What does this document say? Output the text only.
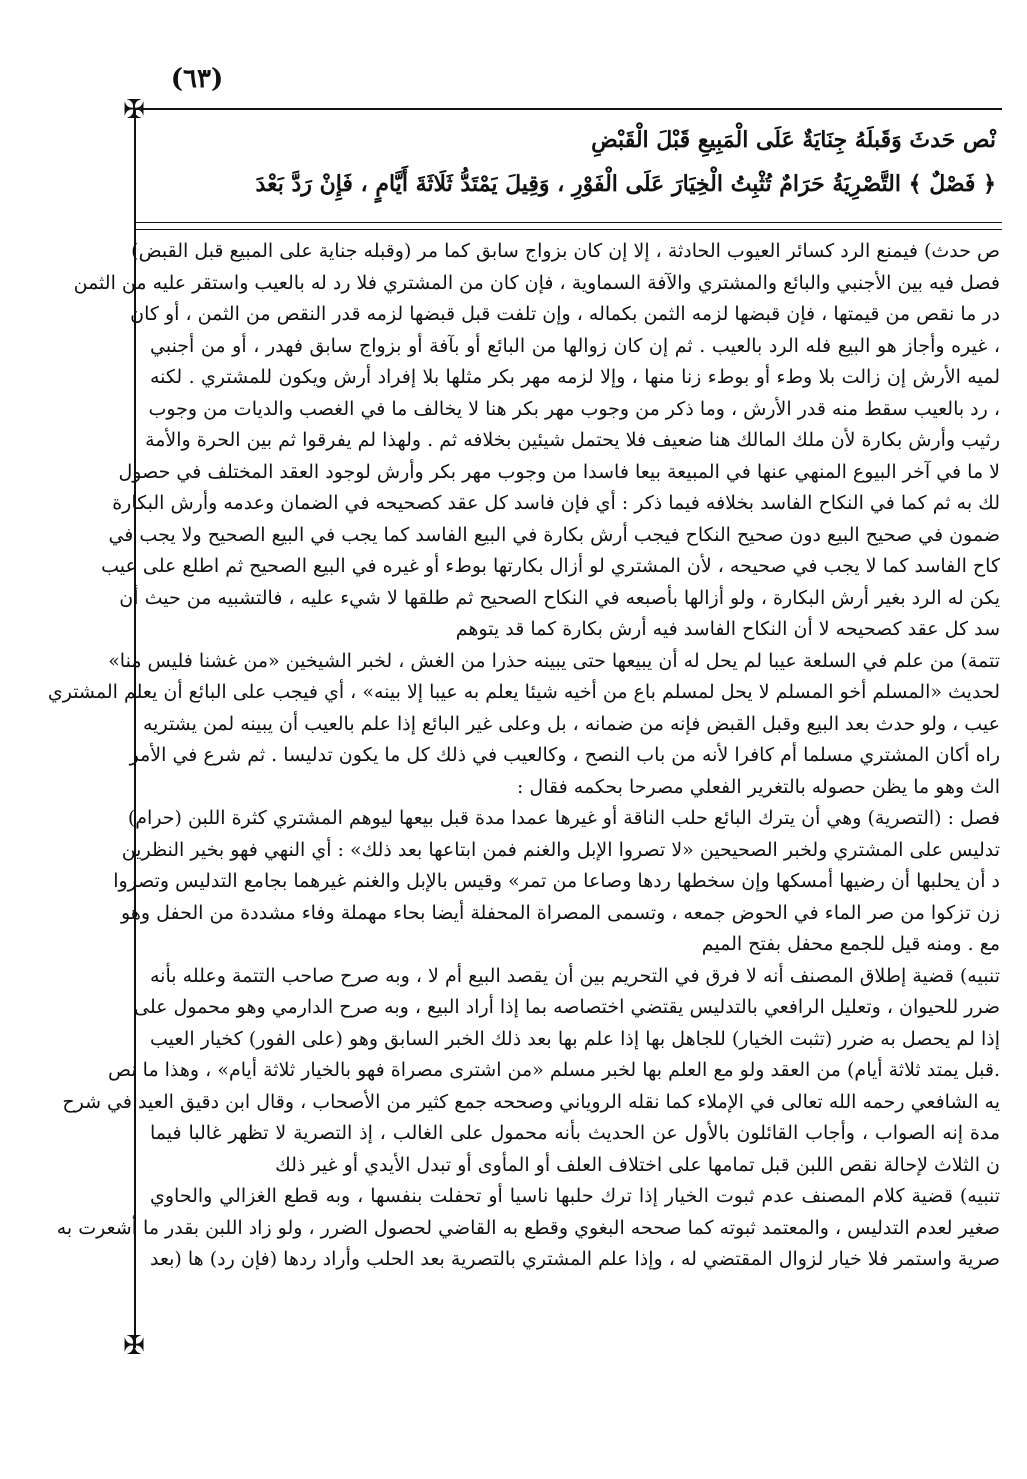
(٦٣)
✠
نْص حَدثَ وَقَبلَهُ جِنَايَةٌ عَلَى الْمَبِيعِ قَبْلَ الْقَبْضِ
﴿ فَصْلٌ ﴾ التَّصْرِيَةُ حَرَامٌ تُثْبِتُ الْخِيَارَ عَلَى الْفَوْرِ ، وَقِيلَ يَمْتَدُّ ثَلَاثَةَ أَيَّامٍ ، فَإِنْ رَدَّ بَعْدَ
ص حدث) فيمنع الرد كسائر العيوب الحادثة ، إلا إن كان بزواج سابق كما مر (وقبله جناية على المبيع قبل القبض)
فصل فيه بين الأجنبي والبائع والمشتري والآفة السماوية ، فإن كان من المشتري فلا رد له بالعيب واستقر عليه من الثمن
در ما نقص من قيمتها ، فإن قبضها لزمه الثمن بكماله ، وإن تلفت قبل قبضها لزمه قدر النقص من الثمن ، أو كان
، غيره وأجاز هو البيع فله الرد بالعيب . ثم إن كان زوالها من البائع أو بآفة أو بزواج سابق فهدر ، أو من أجنبي
لميه الأرش إن زالت بلا وطء أو بوطء زنا منها ، وإلا لزمه مهر بكر مثلها بلا إفراد أرش ويكون للمشتري . لكنه
، رد بالعيب سقط منه قدر الأرش ، وما ذكر من وجوب مهر بكر هنا لا يخالف ما في الغصب والديات من وجوب
رثيب وأرش بكارة لأن ملك المالك هنا ضعيف فلا يحتمل شيئين بخلافه ثم . ولهذا لم يفرقوا ثم بين الحرة والأمة
لا ما في آخر البيوع المنهي عنها في المبيعة بيعا فاسدا من وجوب مهر بكر وأرش لوجود العقد المختلف في حصول
لك به ثم كما في النكاح الفاسد بخلافه فيما ذكر : أي فإن فاسد كل عقد كصحيحه في الضمان وعدمه وأرش البكارة
ضمون في صحيح البيع دون صحيح النكاح فيجب أرش بكارة في البيع الفاسد كما يجب في البيع الصحيح ولا يجب في
كاح الفاسد كما لا يجب في صحيحه ، لأن المشتري لو أزال بكارتها بوطء أو غيره في البيع الصحيح ثم اطلع على عيب
يكن له الرد بغير أرش البكارة ، ولو أزالها بأصبعه في النكاح الصحيح ثم طلقها لا شيء عليه ، فالتشبيه من حيث أن
سد كل عقد كصحيحه لا أن النكاح الفاسد فيه أرش بكارة كما قد يتوهم
تتمة) من علم في السلعة عيبا لم يحل له أن يبيعها حتى يبينه حذرا من الغش ، لخبر الشيخين «من غشنا فليس منا»
لحديث «المسلم أخو المسلم لا يحل لمسلم باع من أخيه شيئا يعلم به عيبا إلا بينه» ، أي فيجب على البائع أن يعلم المشتري
عيب ، ولو حدث بعد البيع وقبل القبض فإنه من ضمانه ، بل وعلى غير البائع إذا علم بالعيب أن يبينه لمن يشتريه
راه أكان المشتري مسلما أم كافرا لأنه من باب النصح ، وكالعيب في ذلك كل ما يكون تدليسا . ثم شرع في الأمر
الث وهو ما يظن حصوله بالتغرير الفعلي مصرحا بحكمه فقال :
فصل : (التصرية) وهي أن يترك البائع حلب الناقة أو غيرها عمدا مدة قبل بيعها ليوهم المشتري كثرة اللبن (حرام)
تدليس على المشتري ولخبر الصحيحين «لا تصروا الإبل والغنم فمن ابتاعها بعد ذلك» : أي النهي فهو بخير النظرين
د أن يحلبها أن رضيها أمسكها وإن سخطها ردها وصاعا من تمر» وقيس بالإبل والغنم غيرهما بجامع التدليس وتصروا
زن تزكوا من صر الماء في الحوض جمعه ، وتسمى المصراة المحفلة أيضا بحاء مهملة وفاء مشددة من الحفل وهو
مع . ومنه قيل للجمع محفل بفتح الميم
تنبيه) قضية إطلاق المصنف أنه لا فرق في التحريم بين أن يقصد البيع أم لا ، وبه صرح صاحب التتمة وعلله بأنه
ضرر للحيوان ، وتعليل الرافعي بالتدليس يقتضي اختصاصه بما إذا أراد البيع ، وبه صرح الدارمي وهو محمول على
إذا لم يحصل به ضرر (تثبت الخيار) للجاهل بها إذا علم بها بعد ذلك الخبر السابق وهو (على الفور) كخيار العيب
.قبل يمتد ثلاثة أيام) من العقد ولو مع العلم بها لخبر مسلم «من اشترى مصراة فهو بالخيار ثلاثة أيام» ، وهذا ما نص
يه الشافعي رحمه الله تعالى في الإملاء كما نقله الروياني وصححه جمع كثير من الأصحاب ، وقال ابن دقيق العيد في شرح
مدة إنه الصواب ، وأجاب القائلون بالأول عن الحديث بأنه محمول على الغالب ، إذ التصرية لا تظهر غالبا فيما
ن الثلاث لإحالة نقص اللبن قبل تمامها على اختلاف العلف أو المأوى أو تبدل الأيدي أو غير ذلك
تنبيه) قضية كلام المصنف عدم ثبوت الخيار إذا ترك حلبها ناسيا أو تحفلت بنفسها ، وبه قطع الغزالي والحاوي
صغير لعدم التدليس ، والمعتمد ثبوته كما صححه البغوي وقطع به القاضي لحصول الضرر ، ولو زاد اللبن بقدر ما أشعرت به
صرية واستمر فلا خيار لزوال المقتضي له ، وإذا علم المشتري بالتصرية بعد الحلب وأراد ردها (فإن رد) ها (بعد
✠
